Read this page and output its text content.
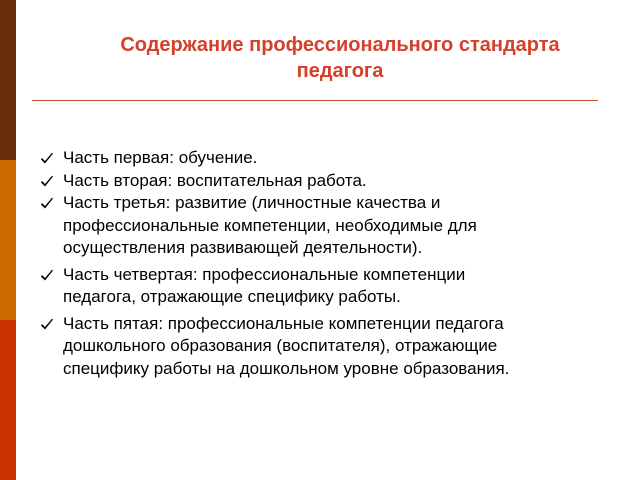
Содержание профессионального стандарта
педагога
Часть первая: обучение.
Часть вторая: воспитательная работа.
Часть третья: развитие (личностные качества и
профессиональные компетенции, необходимые для
осуществления развивающей деятельности).
Часть четвертая: профессиональные компетенции
педагога, отражающие специфику работы.
Часть пятая: профессиональные компетенции педагога
дошкольного образования (воспитателя), отражающие
специфику работы на дошкольном уровне образования.
